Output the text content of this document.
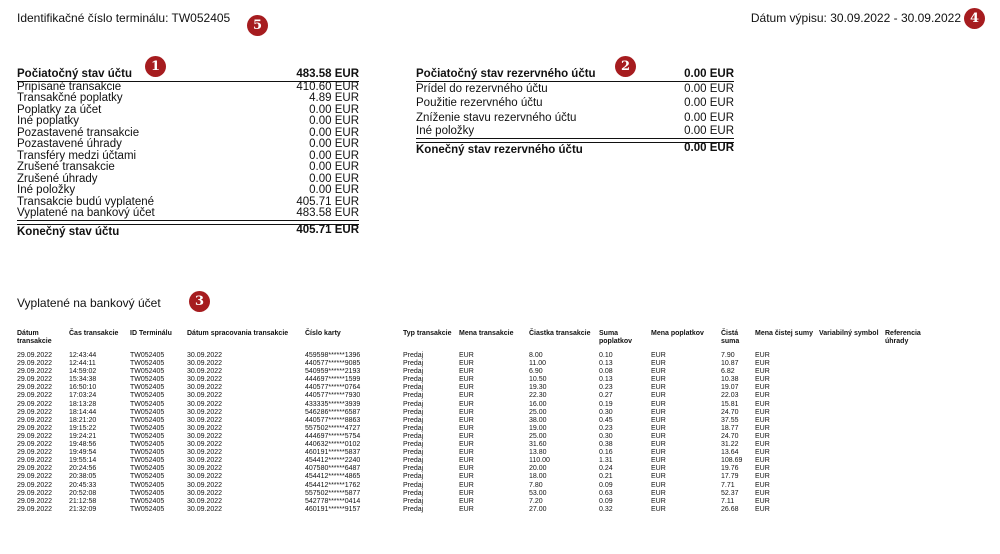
Identifikačné číslo terminálu: TW052405	Dátum výpisu: 30.09.2022 - 30.09.2022
5	4
1	2
3
Počiatočný stav účtu	483.58 EUR
Pripísané transakcie	410.60 EUR
Transakčné poplatky	4.89 EUR
Poplatky za účet	0.00 EUR
Iné poplatky	0.00 EUR
Pozastavené transakcie	0.00 EUR
Pozastavené úhrady	0.00 EUR
Transféry medzi účtami	0.00 EUR
Zrušené transakcie	0.00 EUR
Zrušené úhrady	0.00 EUR
Iné položky	0.00 EUR
Transakcie budú vyplatené	405.71 EUR
Vyplatené na bankový účet	483.58 EUR
Konečný stav účtu	405.71 EUR
Počiatočný stav rezervného účtu	0.00 EUR
Prídel do rezervného účtu	0.00 EUR
Použitie rezervného účtu	0.00 EUR
Zníženie stavu rezervného účtu	0.00 EUR
Iné položky	0.00 EUR
Konečný stav rezervného účtu	0.00 EUR
Vyplatené na bankový účet
Dátum transakcie	Čas transakcie	ID Terminálu	Dátum spracovania transakcie	Číslo karty	Typ transakcie	Mena transakcie	Čiastka transakcie	Suma poplatkov	Mena poplatkov	Čistá suma	Mena čistej sumy	Variabilný symbol	Referencia úhrady
29.09.2022	12:43:44	TW052405	30.09.2022	459598******1396	Predaj	EUR	8.00	0.10	EUR	7.90	EUR		
29.09.2022	12:44:11	TW052405	30.09.2022	440577******9085	Predaj	EUR	11.00	0.13	EUR	10.87	EUR		
29.09.2022	14:59:02	TW052405	30.09.2022	540959******2193	Predaj	EUR	6.90	0.08	EUR	6.82	EUR		
29.09.2022	15:34:38	TW052405	30.09.2022	444697******1599	Predaj	EUR	10.50	0.13	EUR	10.38	EUR		
29.09.2022	16:50:10	TW052405	30.09.2022	440577******0764	Predaj	EUR	19.30	0.23	EUR	19.07	EUR		
29.09.2022	17:03:24	TW052405	30.09.2022	440577******7930	Predaj	EUR	22.30	0.27	EUR	22.03	EUR		
29.09.2022	18:13:28	TW052405	30.09.2022	433335******3939	Predaj	EUR	16.00	0.19	EUR	15.81	EUR		
29.09.2022	18:14:44	TW052405	30.09.2022	546286******6587	Predaj	EUR	25.00	0.30	EUR	24.70	EUR		
29.09.2022	18:21:20	TW052405	30.09.2022	440577******8863	Predaj	EUR	38.00	0.45	EUR	37.55	EUR		
29.09.2022	19:15:22	TW052405	30.09.2022	557502******4727	Predaj	EUR	19.00	0.23	EUR	18.77	EUR		
29.09.2022	19:24:21	TW052405	30.09.2022	444697******5754	Predaj	EUR	25.00	0.30	EUR	24.70	EUR		
29.09.2022	19:48:56	TW052405	30.09.2022	440632******0102	Predaj	EUR	31.60	0.38	EUR	31.22	EUR		
29.09.2022	19:49:54	TW052405	30.09.2022	460191******5837	Predaj	EUR	13.80	0.16	EUR	13.64	EUR		
29.09.2022	19:55:14	TW052405	30.09.2022	454412******2240	Predaj	EUR	110.00	1.31	EUR	108.69	EUR		
29.09.2022	20:24:56	TW052405	30.09.2022	407580******6487	Predaj	EUR	20.00	0.24	EUR	19.76	EUR		
29.09.2022	20:38:05	TW052405	30.09.2022	454412******4865	Predaj	EUR	18.00	0.21	EUR	17.79	EUR		
29.09.2022	20:45:33	TW052405	30.09.2022	454412******1762	Predaj	EUR	7.80	0.09	EUR	7.71	EUR		
29.09.2022	20:52:08	TW052405	30.09.2022	557502******5877	Predaj	EUR	53.00	0.63	EUR	52.37	EUR		
29.09.2022	21:12:58	TW052405	30.09.2022	542778******0414	Predaj	EUR	7.20	0.09	EUR	7.11	EUR		
29.09.2022	21:32:09	TW052405	30.09.2022	460191******9157	Predaj	EUR	27.00	0.32	EUR	26.68	EUR		
